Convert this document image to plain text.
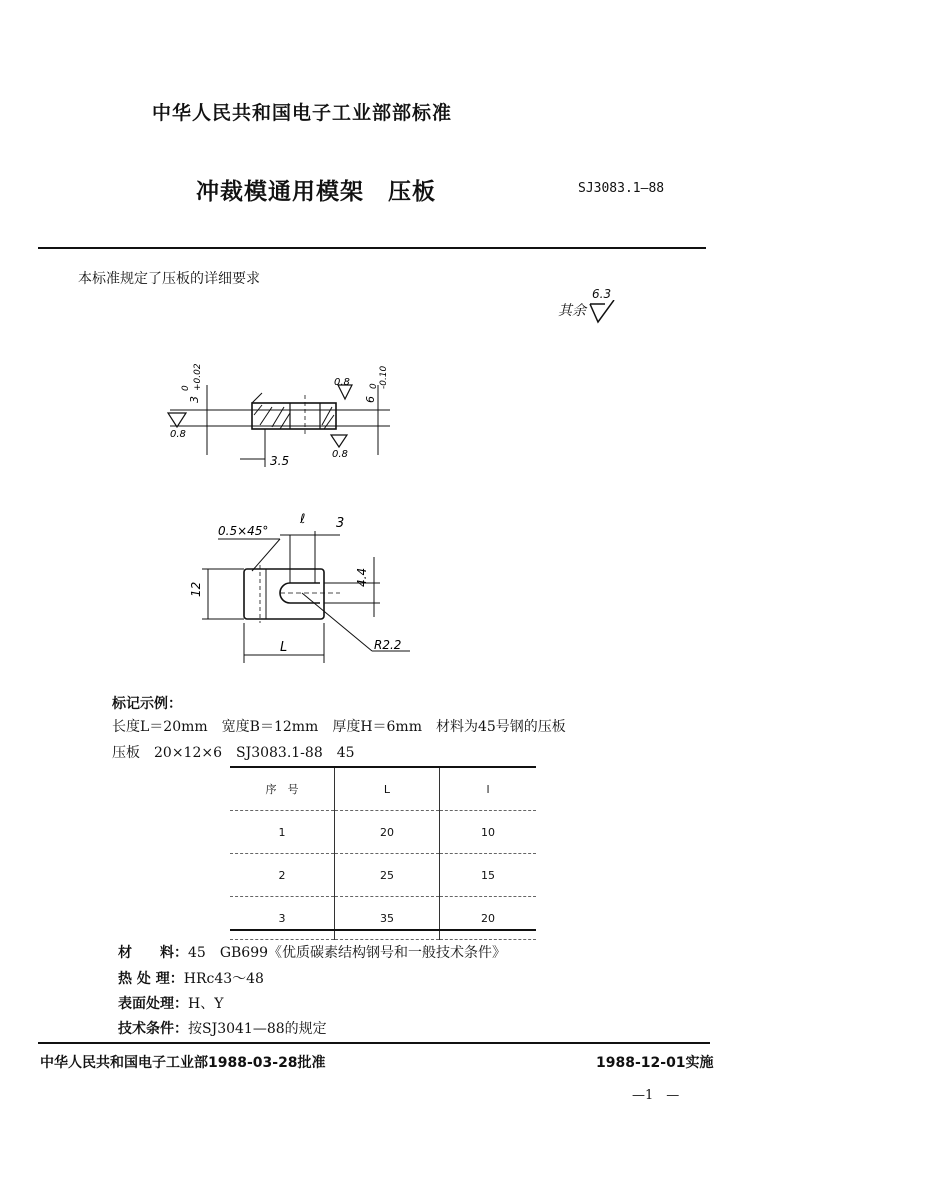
中华人民共和国电子工业部部标准
冲裁模通用模架　压板	SJ3083.1—88
本标准规定了压板的详细要求
其余
6.3
3
+0.02
0
0.8
6
0 -0.10
0.8
0.8
3.5
0.5×45°
ℓ 3
12
4.4
R2.2
L
标记示例：
长度L＝20mm　宽度B＝12mm　厚度H＝6mm　材料为45号钢的压板
压板　20×12×6　SJ3083.1-88　45
序　号	L	l
1	20	10
2	25	15
3	35	20
材　　料：45　GB699《优质碳素结构钢号和一般技术条件》
热 处 理：HRc43～48
表面处理：H、Y
技术条件：按SJ3041—88的规定
中华人民共和国电子工业部1988-03-28批准	1988-12-01实施
—1　—
